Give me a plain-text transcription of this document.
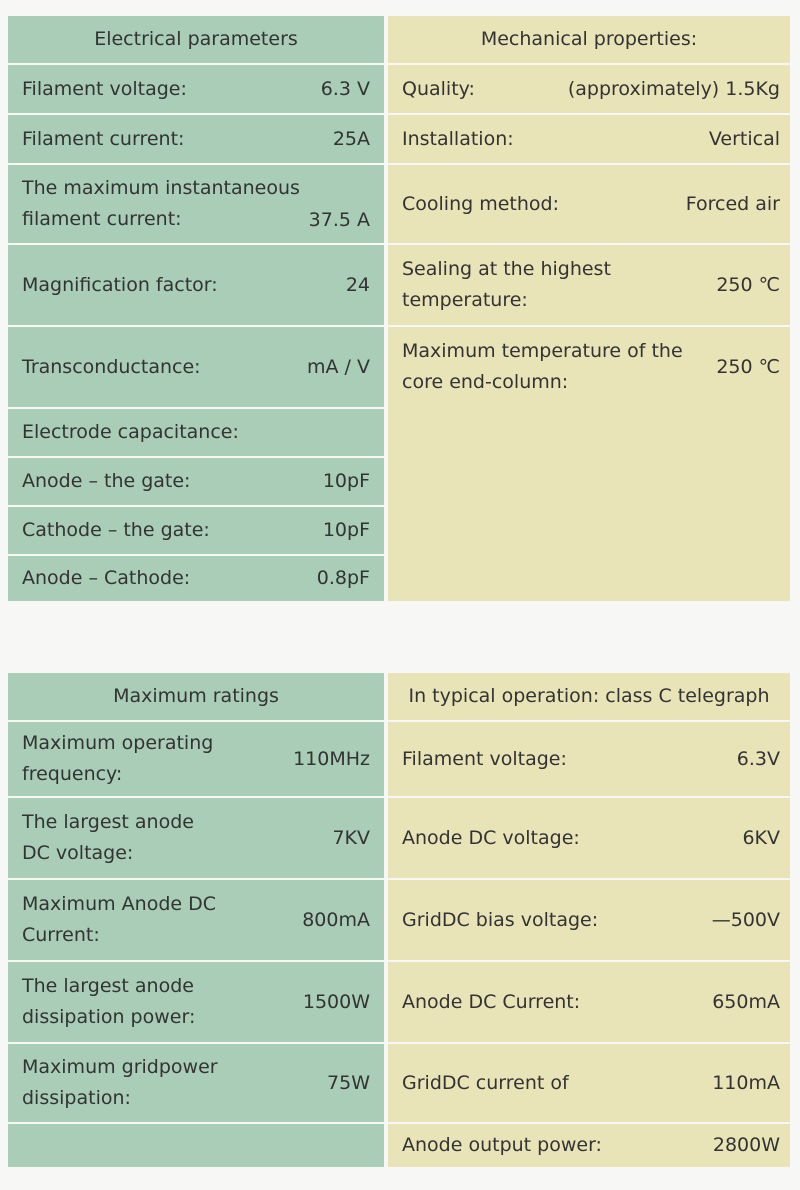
Electrical parameters
Filament voltage:	6.3 V
Filament current:	25A
The maximum instantaneous filament current:	37.5 A
Magnification factor:	24
Transconductance:	mA / V
Electrode capacitance:
Anode – the gate:	10pF
Cathode – the gate:	10pF
Anode – Cathode:	0.8pF
Mechanical properties:
Quality:	(approximately) 1.5Kg
Installation:	Vertical
Cooling method:	Forced air
Sealing at the highest temperature:
250 ℃
Maximum temperature of the core end-column:
250 ℃
Maximum ratings
Maximum operating frequency:
110MHz
The largest anode DC voltage:
7KV
Maximum Anode DC Current:
800mA
The largest anode dissipation power:
1500W
Maximum gridpower dissipation:
75W
In typical operation: class C telegraph
Filament voltage:	6.3V
Anode DC voltage:	6KV
GridDC bias voltage:	—500V
Anode DC Current:	650mA
GridDC current of	110mA
Anode output power:	2800W
